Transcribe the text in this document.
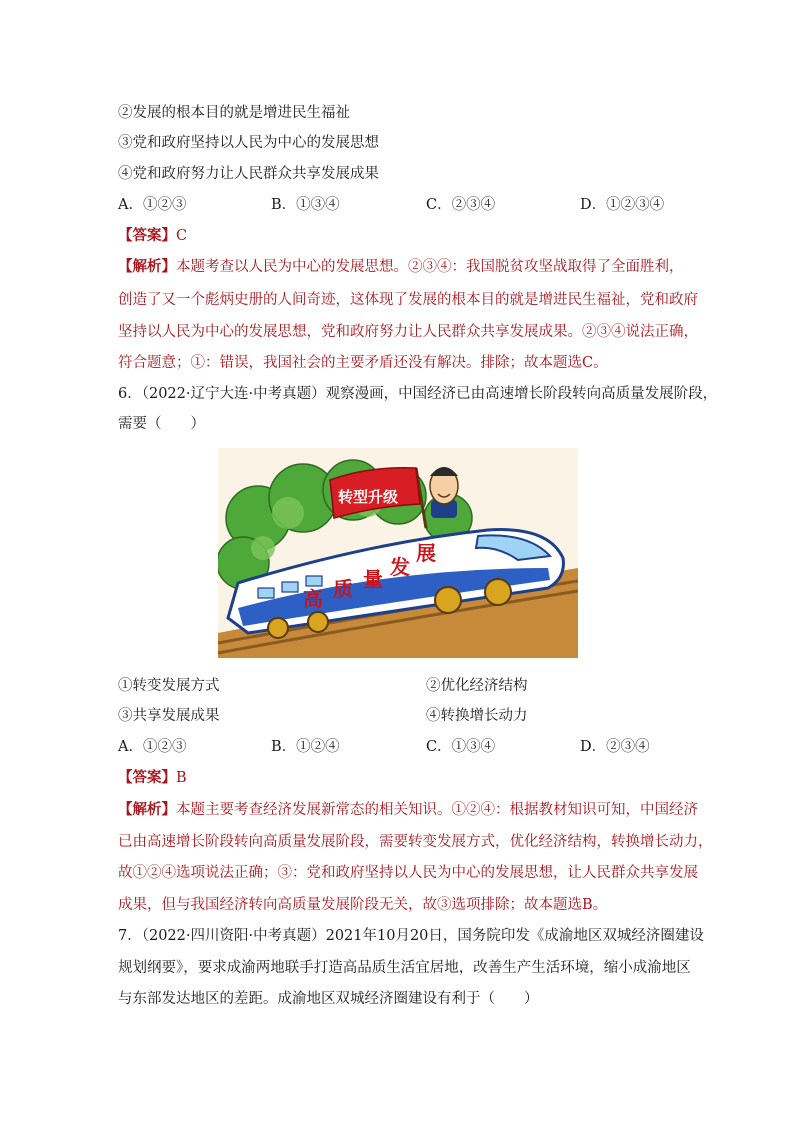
②发展的根本目的就是增进民生福祉
③党和政府坚持以人民为中心的发展思想
④党和政府努力让人民群众共享发展成果
A．①②③	B．①③④	C．②③④	D．①②③④
【答案】C
【解析】本题考查以人民为中心的发展思想。②③④：我国脱贫攻坚战取得了全面胜利，
创造了又一个彪炳史册的人间奇迹，这体现了发展的根本目的就是增进民生福祉，党和政府
坚持以人民为中心的发展思想，党和政府努力让人民群众共享发展成果。②③④说法正确，
符合题意；①：错误，我国社会的主要矛盾还没有解决。排除；故本题选C。
6．（2022·辽宁大连·中考真题）观察漫画，中国经济已由高速增长阶段转向高质量发展阶段，
需要（　　）
高 质 量 发
展
转型升级
①转变发展方式	②优化经济结构
③共享发展成果	④转换增长动力
A．①②③	B．①②④	C．①③④	D．②③④
【答案】B
【解析】本题主要考查经济发展新常态的相关知识。①②④：根据教材知识可知，中国经济
已由高速增长阶段转向高质量发展阶段，需要转变发展方式，优化经济结构，转换增长动力，
故①②④选项说法正确；③：党和政府坚持以人民为中心的发展思想，让人民群众共享发展
成果，但与我国经济转向高质量发展阶段无关，故③选项排除；故本题选B。
7．（2022·四川资阳·中考真题）2021年10月20日，国务院印发《成渝地区双城经济圈建设
规划纲要》，要求成渝两地联手打造高品质生活宜居地，改善生产生活环境，缩小成渝地区
与东部发达地区的差距。成渝地区双城经济圈建设有利于（　　）
